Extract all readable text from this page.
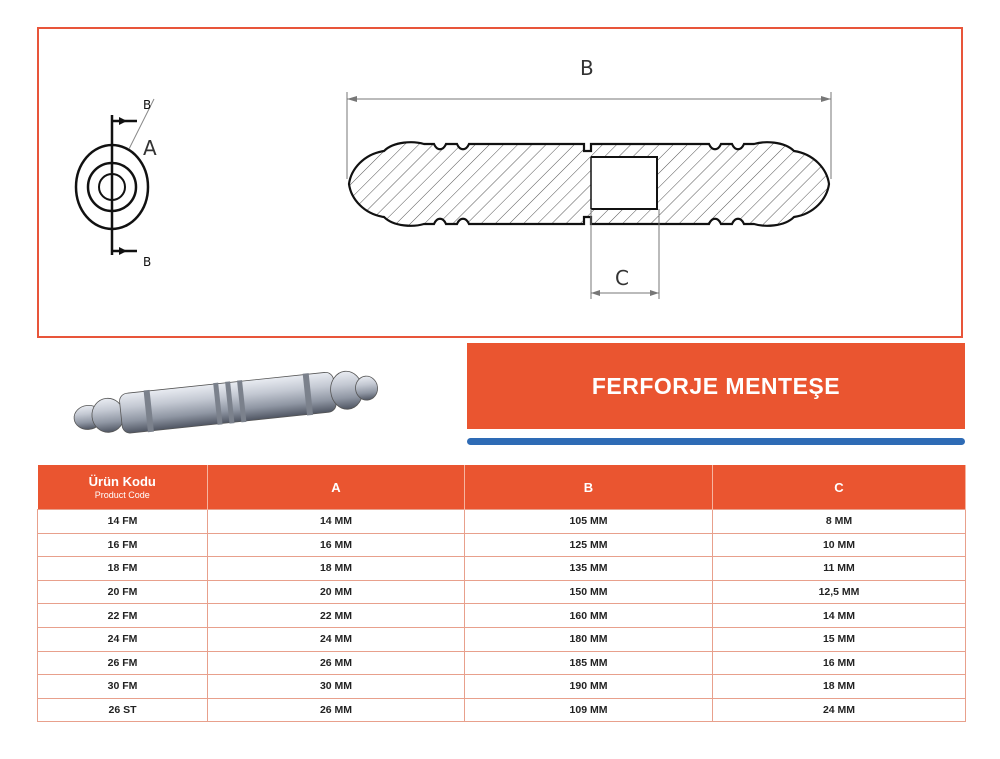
B
B
A
B
C
FERFORJE MENTEŞE
Ürün Kodu
Product Code	A	B	C
14 FM	14 MM	105 MM	8 MM
16 FM	16 MM	125 MM	10 MM
18 FM	18 MM	135 MM	11 MM
20 FM	20 MM	150 MM	12,5 MM
22 FM	22 MM	160 MM	14 MM
24 FM	24 MM	180 MM	15 MM
26 FM	26 MM	185 MM	16 MM
30 FM	30 MM	190 MM	18 MM
26 ST	26 MM	109 MM	24 MM
